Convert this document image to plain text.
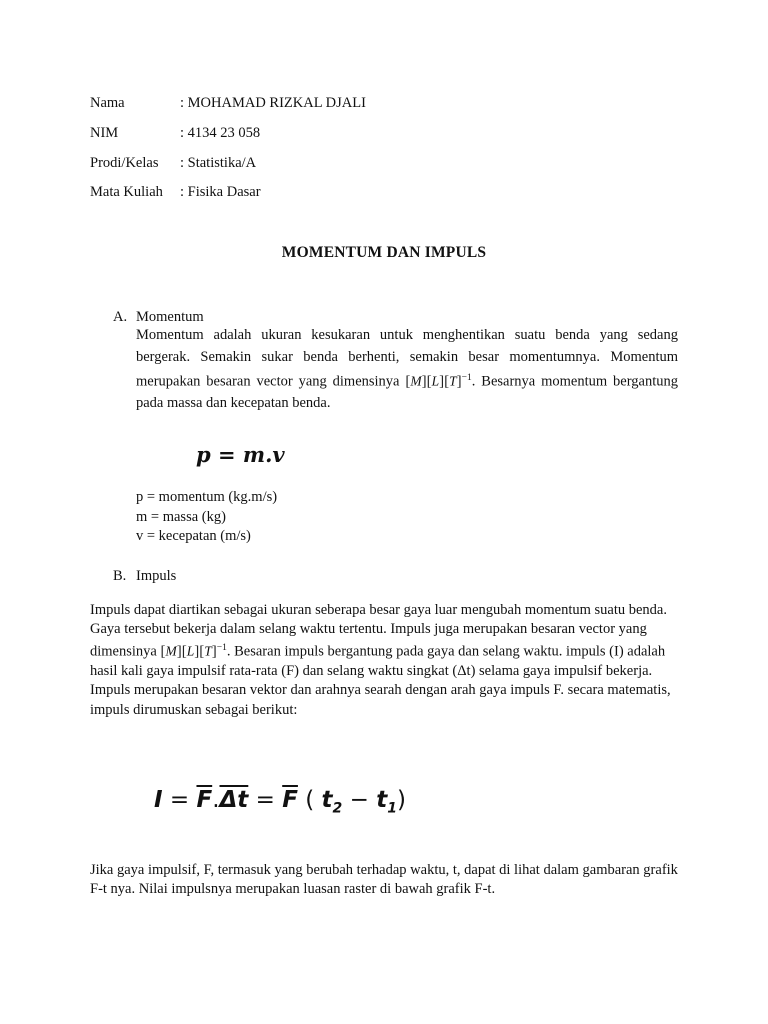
Nama	: MOHAMAD RIZKAL DJALI
NIM	: 4134 23 058
Prodi/Kelas : Statistika/A
Mata Kuliah : Fisika Dasar
MOMENTUM DAN IMPULS
A. Momentum
Momentum adalah ukuran kesukaran untuk menghentikan suatu benda yang sedang bergerak. Semakin sukar benda berhenti, semakin besar momentumnya. Momentum merupakan besaran vector yang dimensinya $[M][L][T]^{-1}$. Besarnya momentum bergantung pada massa dan kecepatan benda.
p = m.v
p = momentum (kg.m/s)
m = massa (kg)
v = kecepatan (m/s)
B. Impuls
Impuls dapat diartikan sebagai ukuran seberapa besar gaya luar mengubah momentum suatu benda. Gaya tersebut bekerja dalam selang waktu tertentu. Impuls juga merupakan besaran vector yang dimensinya $[M][L][T]^{-1}$. Besaran impuls bergantung pada gaya dan selang waktu. impuls (I) adalah hasil kali gaya impulsif rata-rata (F) dan selang waktu singkat (Δt) selama gaya impulsif bekerja. Impuls merupakan besaran vektor dan arahnya searah dengan arah gaya impuls F. secara matematis, impuls dirumuskan sebagai berikut:
$I = \overline{F}.\overline{\Delta t} = \overline{F}$ ( $t_2 - t_1$)
Jika gaya impulsif, F, termasuk yang berubah terhadap waktu, t, dapat di lihat dalam gambaran grafik F-t nya. Nilai impulsnya merupakan luasan raster di bawah grafik F-t.
